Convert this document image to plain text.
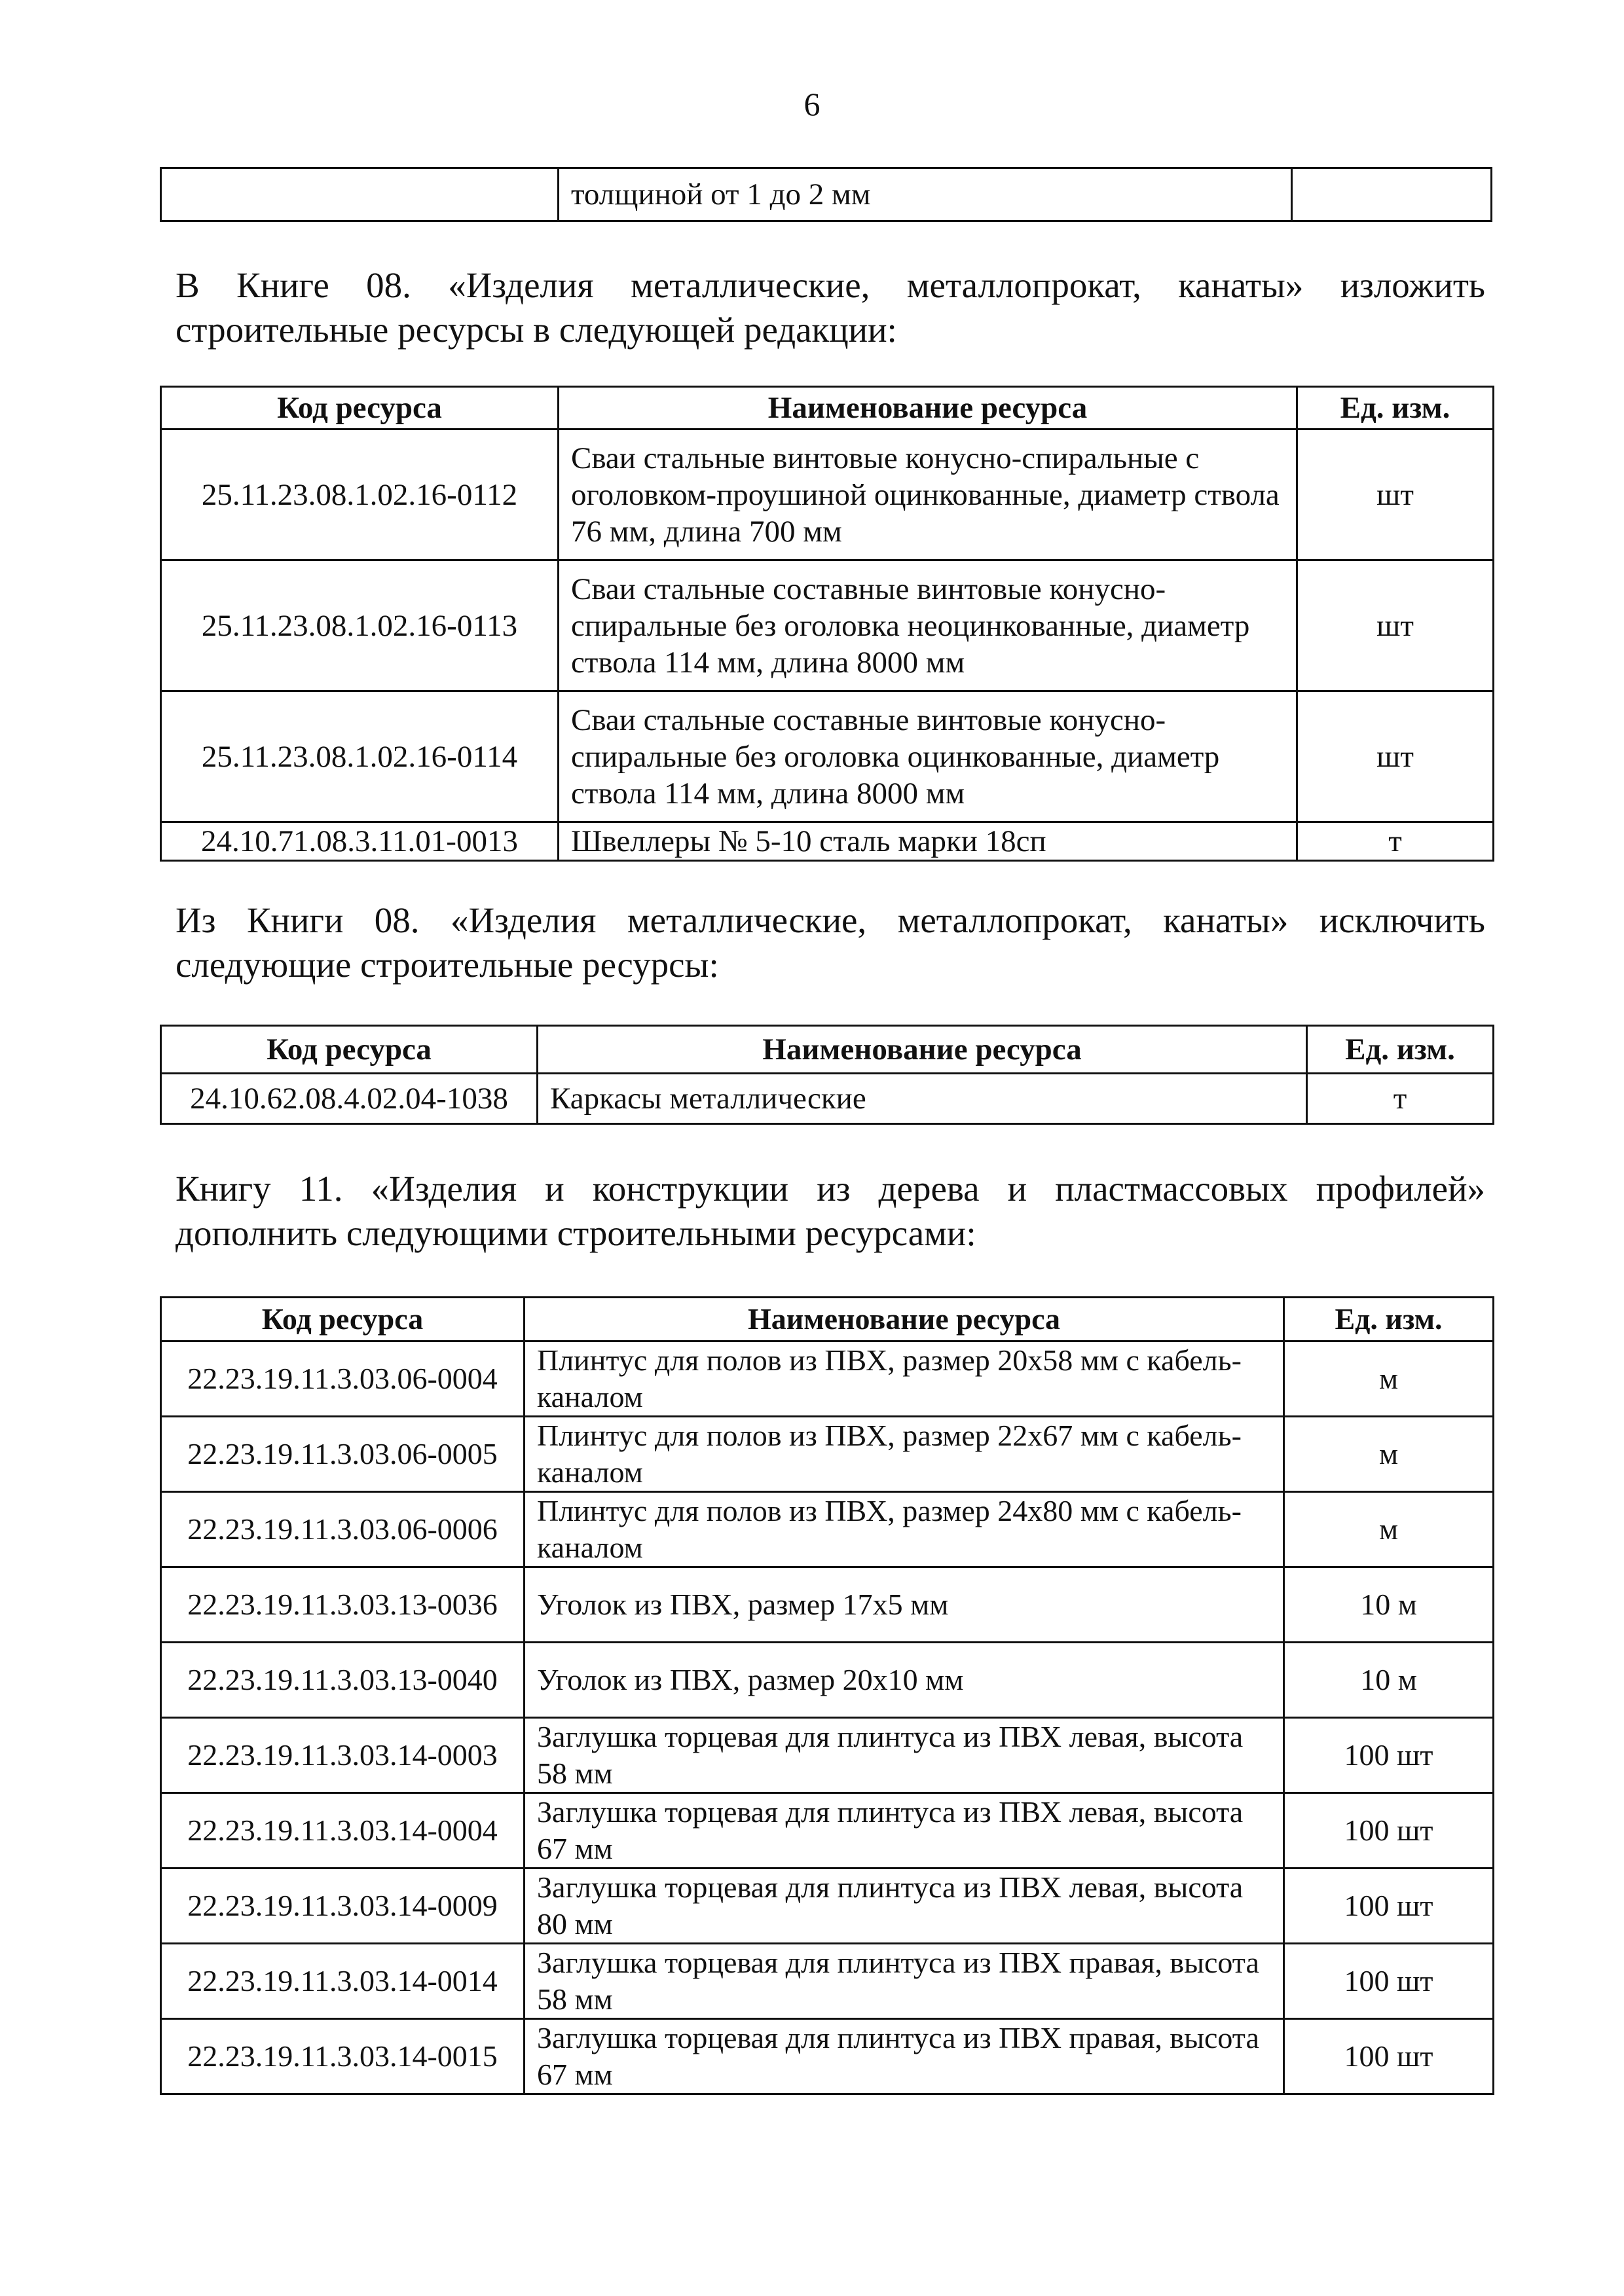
6
	толщиной от 1 до 2 мм	
В Книге 08. «Изделия металлические, металлопрокат, канаты» изложить
строительные ресурсы в следующей редакции:
Код ресурса	Наименование ресурса	Ед. изм.
25.11.23.08.1.02.16-0112	Сваи стальные винтовые конусно-спиральные с оголовком-проушиной оцинкованные, диаметр ствола 76 мм, длина 700 мм	шт
25.11.23.08.1.02.16-0113	Сваи стальные составные винтовые конусно-спиральные без оголовка неоцинкованные, диаметр ствола 114 мм, длина 8000 мм	шт
25.11.23.08.1.02.16-0114	Сваи стальные составные винтовые конусно-спиральные без оголовка оцинкованные, диаметр ствола 114 мм, длина 8000 мм	шт
24.10.71.08.3.11.01-0013	Швеллеры № 5-10 сталь марки 18сп	т
Из Книги 08. «Изделия металлические, металлопрокат, канаты» исключить
следующие строительные ресурсы:
Код ресурса	Наименование ресурса	Ед. изм.
24.10.62.08.4.02.04-1038	Каркасы металлические	т
Книгу 11. «Изделия и конструкции из дерева и пластмассовых профилей»
дополнить следующими строительными ресурсами:
Код ресурса	Наименование ресурса	Ед. изм.
22.23.19.11.3.03.06-0004	Плинтус для полов из ПВХ, размер 20х58 мм с кабель-каналом	м
22.23.19.11.3.03.06-0005	Плинтус для полов из ПВХ, размер 22х67 мм с кабель-каналом	м
22.23.19.11.3.03.06-0006	Плинтус для полов из ПВХ, размер 24х80 мм с кабель-каналом	м
22.23.19.11.3.03.13-0036	Уголок из ПВХ, размер 17х5 мм	10 м
22.23.19.11.3.03.13-0040	Уголок из ПВХ, размер 20х10 мм	10 м
22.23.19.11.3.03.14-0003	Заглушка торцевая для плинтуса из ПВХ левая, высота 58 мм	100 шт
22.23.19.11.3.03.14-0004	Заглушка торцевая для плинтуса из ПВХ левая, высота 67 мм	100 шт
22.23.19.11.3.03.14-0009	Заглушка торцевая для плинтуса из ПВХ левая, высота 80 мм	100 шт
22.23.19.11.3.03.14-0014	Заглушка торцевая для плинтуса из ПВХ правая, высота 58 мм	100 шт
22.23.19.11.3.03.14-0015	Заглушка торцевая для плинтуса из ПВХ правая, высота 67 мм	100 шт
